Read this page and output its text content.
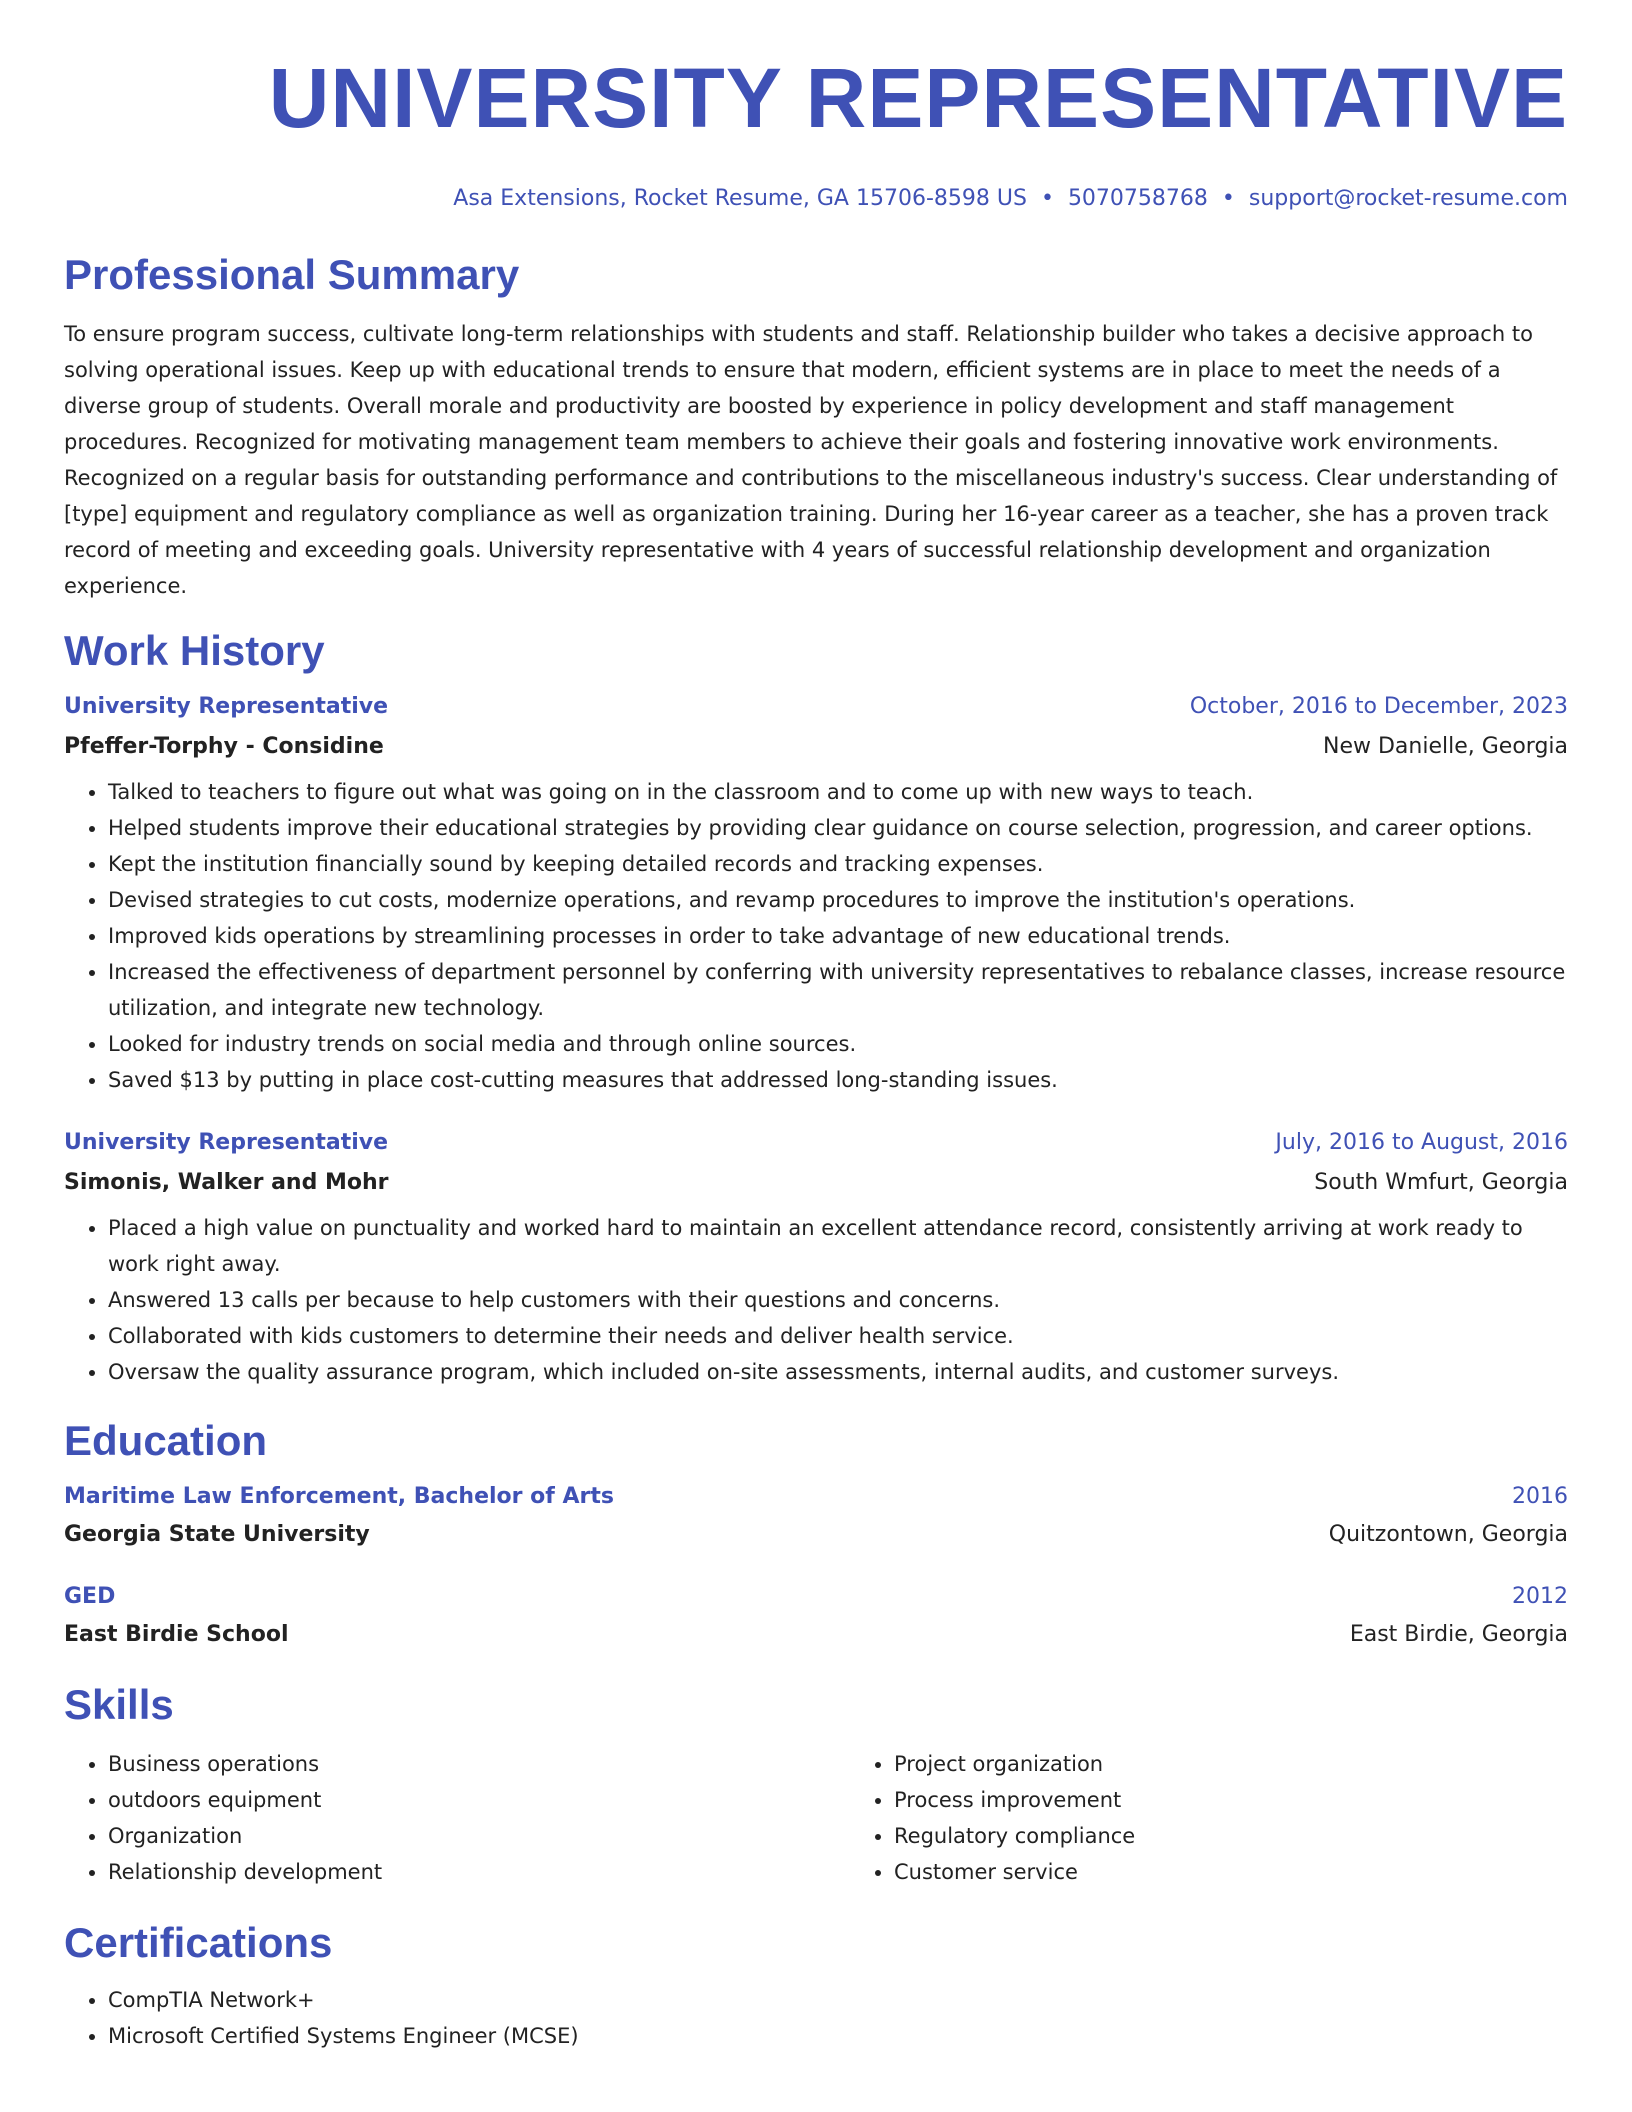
UNIVERSITY REPRESENTATIVE
Asa Extensions, Rocket Resume, GA 15706-8598 US • 5070758768 • support@rocket-resume.com
Professional Summary

To ensure program success, cultivate long-term relationships with students and staff. Relationship builder who takes a decisive approach to solving operational issues. Keep up with educational trends to ensure that modern, efficient systems are in place to meet the needs of a diverse group of students. Overall morale and productivity are boosted by experience in policy development and staff management procedures. Recognized for motivating management team members to achieve their goals and fostering innovative work environments. Recognized on a regular basis for outstanding performance and contributions to the miscellaneous industry's success. Clear understanding of [type] equipment and regulatory compliance as well as organization training. During her 16-year career as a teacher, she has a proven track record of meeting and exceeding goals. University representative with 4 years of successful relationship development and organization experience.

Work History
University Representative	October, 2016 to December, 2023
Pfeffer-Torphy - Considine	New Danielle, Georgia
• Talked to teachers to figure out what was going on in the classroom and to come up with new ways to teach.
• Helped students improve their educational strategies by providing clear guidance on course selection, progression, and career options.
• Kept the institution financially sound by keeping detailed records and tracking expenses.
• Devised strategies to cut costs, modernize operations, and revamp procedures to improve the institution's operations.
• Improved kids operations by streamlining processes in order to take advantage of new educational trends.
• Increased the effectiveness of department personnel by conferring with university representatives to rebalance classes, increase resource utilization, and integrate new technology.
• Looked for industry trends on social media and through online sources.
• Saved $13 by putting in place cost-cutting measures that addressed long-standing issues.
University Representative	July, 2016 to August, 2016
Simonis, Walker and Mohr	South Wmfurt, Georgia
• Placed a high value on punctuality and worked hard to maintain an excellent attendance record, consistently arriving at work ready to work right away.
• Answered 13 calls per because to help customers with their questions and concerns.
• Collaborated with kids customers to determine their needs and deliver health service.
• Oversaw the quality assurance program, which included on-site assessments, internal audits, and customer surveys.
Education
Maritime Law Enforcement, Bachelor of Arts	2016
Georgia State University	Quitzontown, Georgia
GED	2012
East Birdie School	East Birdie, Georgia
Skills
• Business operations
• outdoors equipment
• Organization
• Relationship development
• Project organization
• Process improvement
• Regulatory compliance
• Customer service
Certifications
• CompTIA Network+
• Microsoft Certified Systems Engineer (MCSE)
